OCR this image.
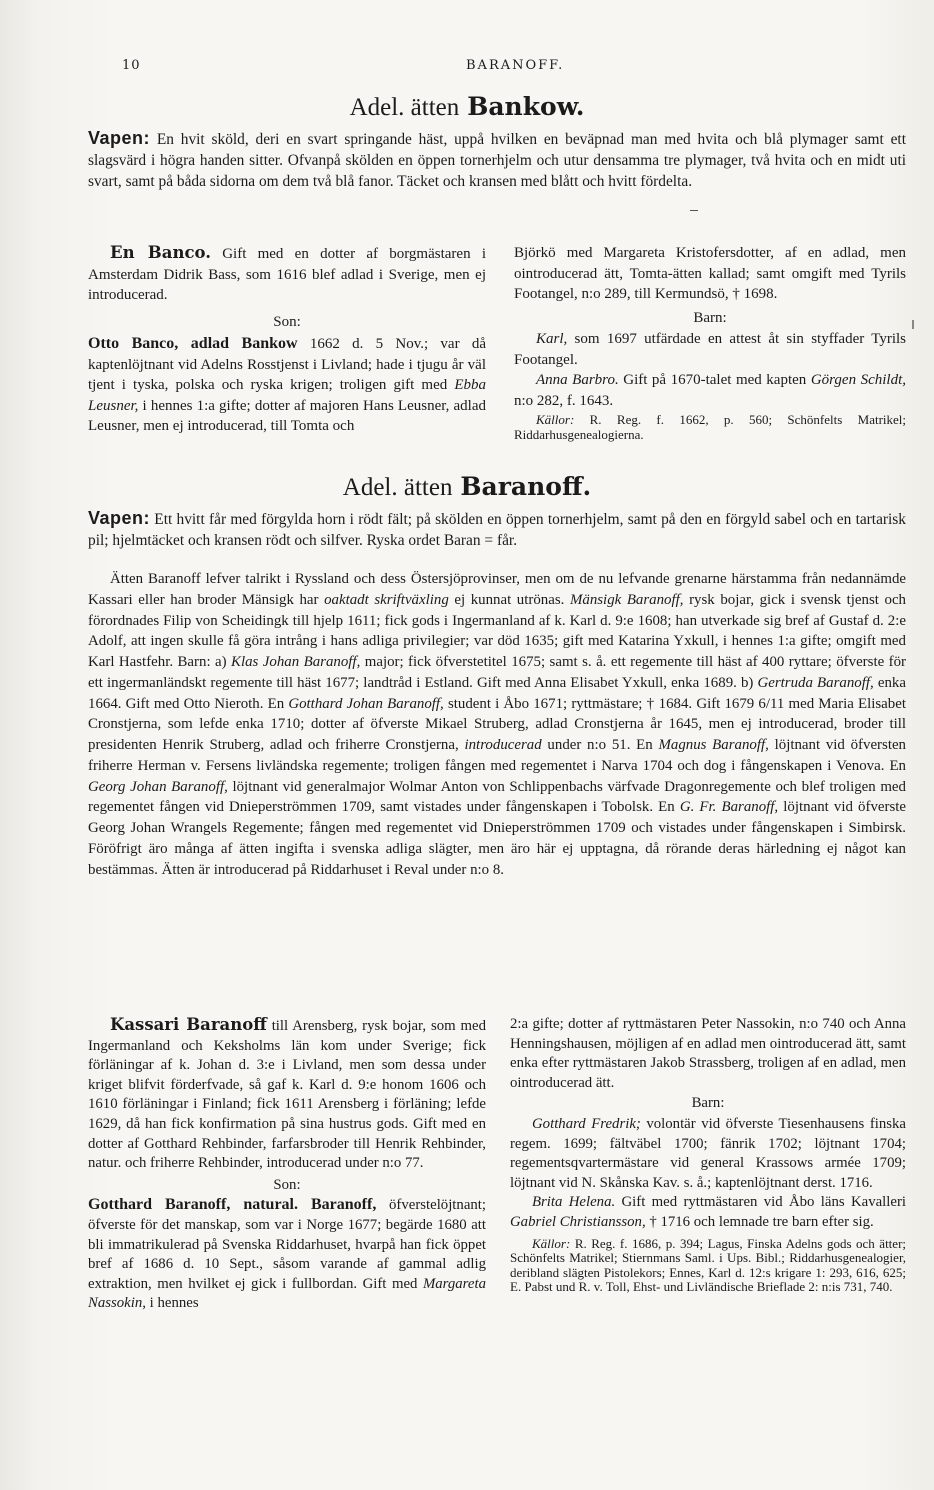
10	BARANOFF.
Adel. ätten Bankow.
Vapen: En hvit sköld, deri en svart springande häst, uppå hvilken en beväpnad man med hvita och blå plymager samt ett slagsvärd i högra handen sitter. Ofvanpå skölden en öppen tornerhjelm och utur densamma tre plymager, två hvita och en midt uti svart, samt på båda sidorna om dem två blå fanor. Täcket och kransen med blått och hvitt fördelta.

En Banco. Gift med en dotter af borgmästaren i Amsterdam Didrik Bass, som 1616 blef adlad i Sverige, men ej introducerad.

Son:

Otto Banco, adlad Bankow 1662 d. 5 Nov.; var då kaptenlöjtnant vid Adelns Rosstjenst i Livland; hade i tjugu år väl tjent i tyska, polska och ryska krigen; troligen gift med Ebba Leusner, i hennes 1:a gifte; dotter af majoren Hans Leusner, adlad Leusner, men ej introducerad, till Tomta och

Björkö med Margareta Kristofersdotter, af en adlad, men ointroducerad ätt, Tomta-ätten kallad; samt omgift med Tyrils Footangel, n:o 289, till Kermundsö, † 1698.

Barn:

Karl, som 1697 utfärdade en attest åt sin styffader Tyrils Footangel.

Anna Barbro. Gift på 1670-talet med kapten Görgen Schildt, n:o 282, f. 1643.

Källor: R. Reg. f. 1662, p. 560; Schönfelts Matrikel; Riddarhusgenealogierna.

Adel. ätten Baranoff.
Vapen: Ett hvitt får med förgylda horn i rödt fält; på skölden en öppen tornerhjelm, samt på den en förgyld sabel och en tartarisk pil; hjelmtäcket och kransen rödt och silfver. Ryska ordet Baran = får.

Ätten Baranoff lefver talrikt i Ryssland och dess Östersjöprovinser, men om de nu lefvande grenarne härstamma från nedannämde Kassari eller han broder Mänsigk har oaktadt skriftväxling ej kunnat utrönas. Mänsigk Baranoff, rysk bojar, gick i svensk tjenst och förordnades Filip von Scheidingk till hjelp 1611; fick gods i Ingermanland af k. Karl d. 9:e 1608; han utverkade sig bref af Gustaf d. 2:e Adolf, att ingen skulle få göra intrång i hans adliga privilegier; var död 1635; gift med Katarina Yxkull, i hennes 1:a gifte; omgift med Karl Hastfehr. Barn: a) Klas Johan Baranoff, major; fick öfverstetitel 1675; samt s. å. ett regemente till häst af 400 ryttare; öfverste för ett ingermanländskt regemente till häst 1677; landtråd i Estland. Gift med Anna Elisabet Yxkull, enka 1689. b) Gertruda Baranoff, enka 1664. Gift med Otto Nieroth. En Gotthard Johan Baranoff, student i Åbo 1671; ryttmästare; † 1684. Gift 1679 6/11 med Maria Elisabet Cronstjerna, som lefde enka 1710; dotter af öfverste Mikael Struberg, adlad Cronstjerna år 1645, men ej introducerad, broder till presidenten Henrik Struberg, adlad och friherre Cronstjerna, introducerad under n:o 51. En Magnus Baranoff, löjtnant vid öfversten friherre Herman v. Fersens livländska regemente; troligen fången med regementet i Narva 1704 och dog i fångenskapen i Venova. En Georg Johan Baranoff, löjtnant vid generalmajor Wolmar Anton von Schlippenbachs värfvade Dragonregemente och blef troligen med regementet fången vid Dnieperströmmen 1709, samt vistades under fångenskapen i Tobolsk. En G. Fr. Baranoff, löjtnant vid öfverste Georg Johan Wrangels Regemente; fången med regementet vid Dnieperströmmen 1709 och vistades under fångenskapen i Simbirsk. Föröfrigt äro många af ätten ingifta i svenska adliga slägter, men äro här ej upptagna, då rörande deras härledning ej något kan bestämmas. Ätten är introducerad på Riddarhuset i Reval under n:o 8.

Kassari Baranoff till Arensberg, rysk bojar, som med Ingermanland och Keksholms län kom under Sverige; fick förläningar af k. Johan d. 3:e i Livland, men som dessa under kriget blifvit förderfvade, så gaf k. Karl d. 9:e honom 1606 och 1610 förläningar i Finland; fick 1611 Arensberg i förläning; lefde 1629, då han fick konfirmation på sina hustrus gods. Gift med en dotter af Gotthard Rehbinder, farfarsbroder till Henrik Rehbinder, natur. och friherre Rehbinder, introducerad under n:o 77.

Son:

Gotthard Baranoff, natural. Baranoff, öfverstelöjtnant; öfverste för det manskap, som var i Norge 1677; begärde 1680 att bli immatrikulerad på Svenska Riddarhuset, hvarpå han fick öppet bref af 1686 d. 10 Sept., såsom varande af gammal adlig extraktion, men hvilket ej gick i fullbordan. Gift med Margareta Nassokin, i hennes

2:a gifte; dotter af ryttmästaren Peter Nassokin, n:o 740 och Anna Henningshausen, möjligen af en adlad men ointroducerad ätt, samt enka efter ryttmästaren Jakob Strassberg, troligen af en adlad, men ointroducerad ätt.

Barn:

Gotthard Fredrik; volontär vid öfverste Tiesenhausens finska regem. 1699; fältväbel 1700; fänrik 1702; löjtnant 1704; regementsqvartermästare vid general Krassows armée 1709; löjtnant vid N. Skånska Kav. s. å.; kaptenlöjtnant derst. 1716.

Brita Helena. Gift med ryttmästaren vid Åbo läns Kavalleri Gabriel Christiansson, † 1716 och lemnade tre barn efter sig.

Källor: R. Reg. f. 1686, p. 394; Lagus, Finska Adelns gods och ätter; Schönfelts Matrikel; Stiernmans Saml. i Ups. Bibl.; Riddarhusgenealogier, deribland slägten Pistolekors; Ennes, Karl d. 12:s krigare 1: 293, 616, 625; E. Pabst und R. v. Toll, Ehst- und Livländische Brieflade 2: n:is 731, 740.
